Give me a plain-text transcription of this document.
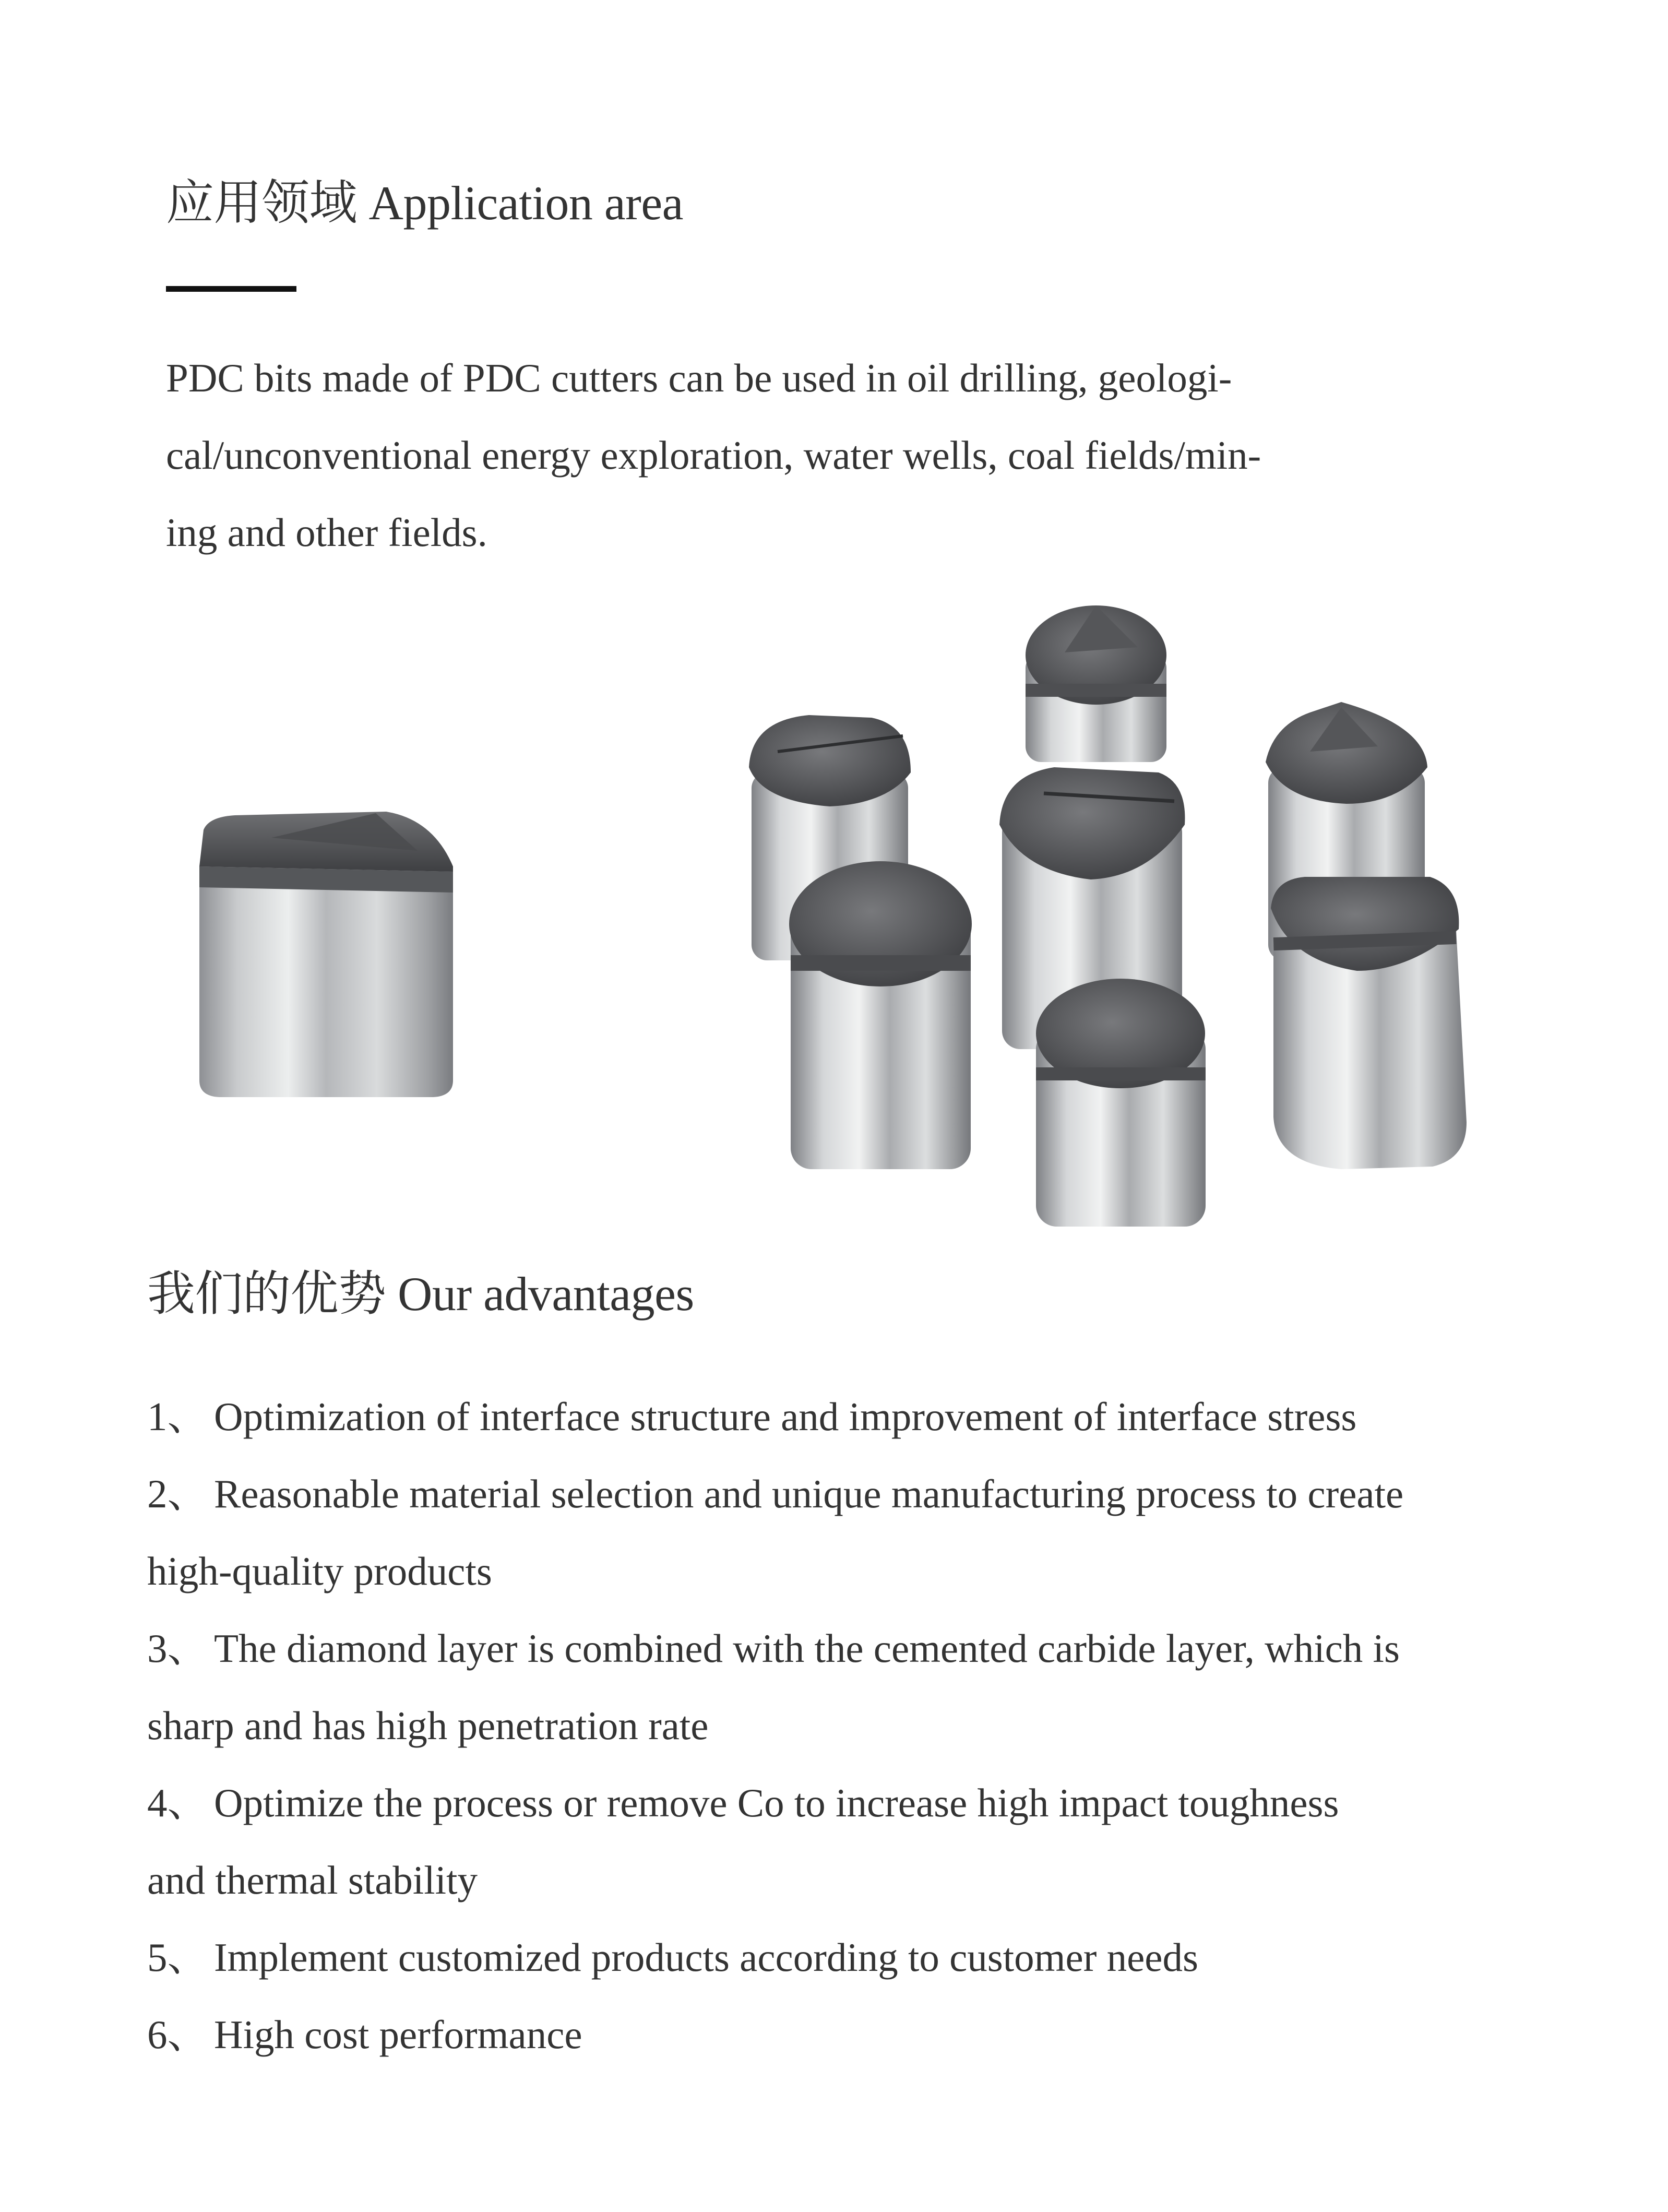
应用领域 Application area
PDC bits made of PDC cutters can be used in oil drilling, geologi-
cal/unconventional energy exploration, water wells, coal fields/min-
ing and other fields.
我们的优势 Our advantages
1、 Optimization of interface structure and improvement of interface stress
2、 Reasonable material selection and unique manufacturing process to create
high-quality products
3、 The diamond layer is combined with the cemented carbide layer, which is
sharp and has high penetration rate
4、 Optimize the process or remove Co to increase high impact toughness
and thermal stability
5、 Implement customized products according to customer needs
6、 High cost performance
